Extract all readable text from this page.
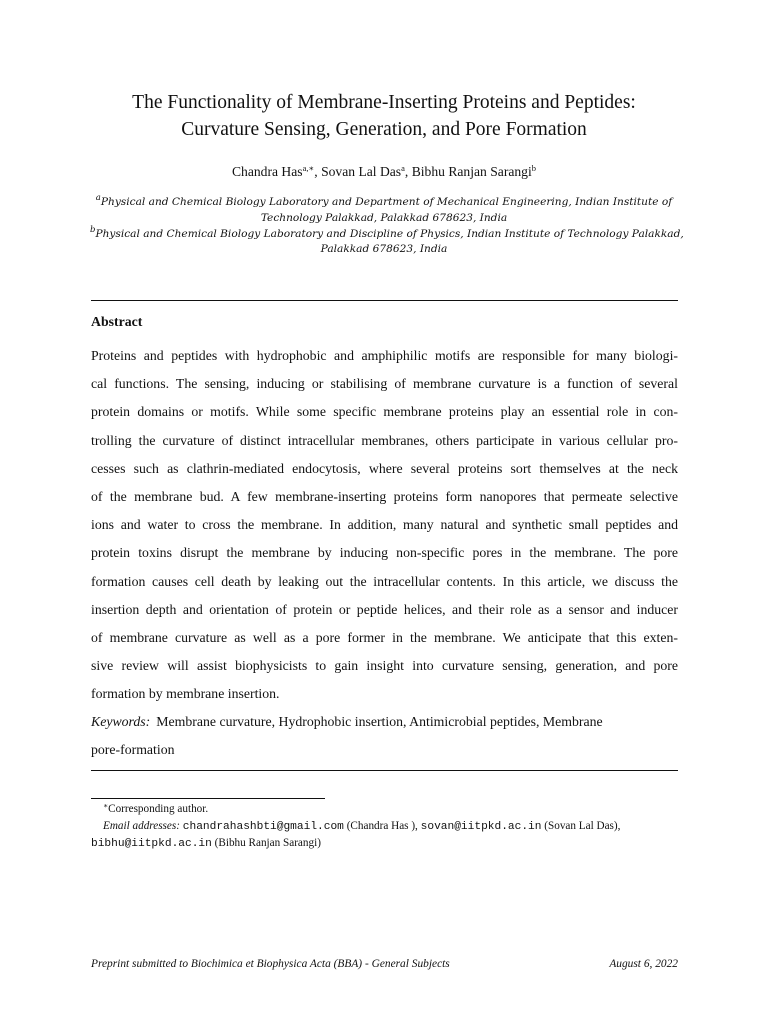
The Functionality of Membrane-Inserting Proteins and Peptides:
Curvature Sensing, Generation, and Pore Formation
Chandra Has$^{a,∗}$, Sovan Lal Das$^a$, Bibhu Ranjan Sarangi$^b$
$^a$Physical and Chemical Biology Laboratory and Department of Mechanical Engineering, Indian Institute of
Technology Palakkad, Palakkad 678623, India
$^b$Physical and Chemical Biology Laboratory and Discipline of Physics, Indian Institute of Technology Palakkad,
Palakkad 678623, India
Abstract
Proteins and peptides with hydrophobic and amphiphilic motifs are responsible for many biologi-
cal functions. The sensing, inducing or stabilising of membrane curvature is a function of several
protein domains or motifs. While some specific membrane proteins play an essential role in con-
trolling the curvature of distinct intracellular membranes, others participate in various cellular pro-
cesses such as clathrin-mediated endocytosis, where several proteins sort themselves at the neck
of the membrane bud. A few membrane-inserting proteins form nanopores that permeate selective
ions and water to cross the membrane. In addition, many natural and synthetic small peptides and
protein toxins disrupt the membrane by inducing non-specific pores in the membrane. The pore
formation causes cell death by leaking out the intracellular contents. In this article, we discuss the
insertion depth and orientation of protein or peptide helices, and their role as a sensor and inducer
of membrane curvature as well as a pore former in the membrane. We anticipate that this exten-
sive review will assist biophysicists to gain insight into curvature sensing, generation, and pore
formation by membrane insertion.
Keywords: Membrane curvature, Hydrophobic insertion, Antimicrobial peptides, Membrane
pore-formation
∗Corresponding author.
Email addresses: chandrahashbti@gmail.com (Chandra Has ), sovan@iitpkd.ac.in (Sovan Lal Das),
bibhu@iitpkd.ac.in (Bibhu Ranjan Sarangi)
Preprint submitted to Biochimica et Biophysica Acta (BBA) - General Subjects	August 6, 2022
